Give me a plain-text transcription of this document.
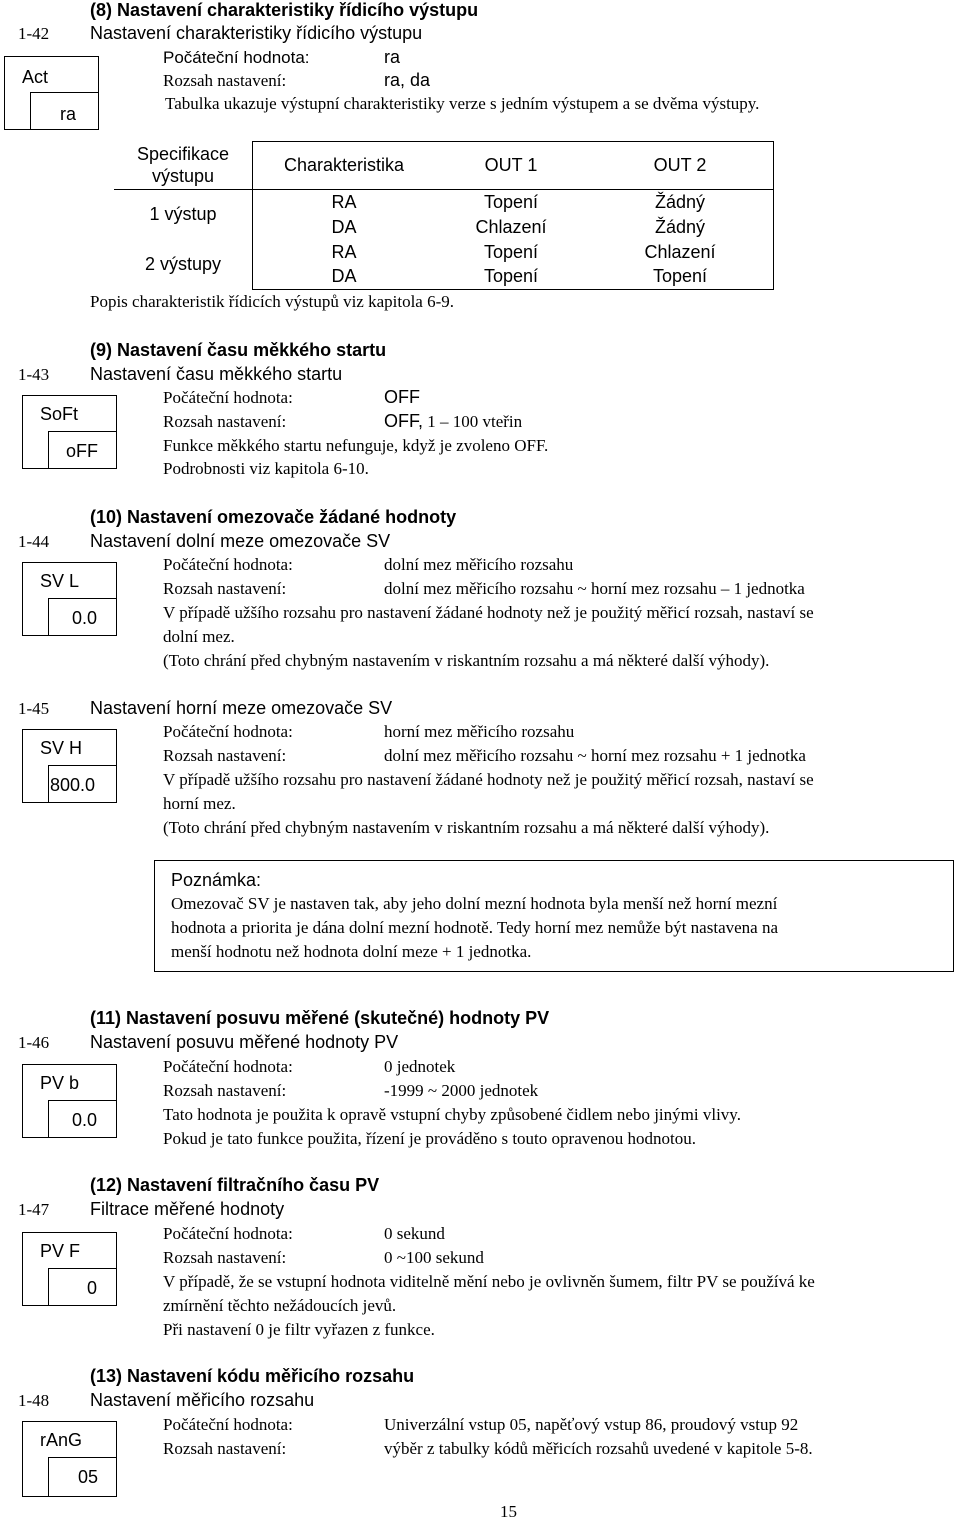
(8) Nastavení charakteristiky řídicího výstupu
1-42 Nastavení charakteristiky řídicího výstupu
Act
ra
Počáteční hodnota:	ra
Rozsah nastavení:	ra, da
Tabulka ukazuje výstupní charakteristiky verze s jedním výstupem a se dvěma výstupy.
Specifikace
výstupu	Charakteristika	OUT 1	OUT 2
1 výstup	RA	Topení	Žádný
	DA	Chlazení	Žádný
2 výstupy	RA	Topení	Chlazení
	DA	Topení	Topení
Popis charakteristik řídicích výstupů viz kapitola 6-9.
(9) Nastavení času měkkého startu
1-43 Nastavení času měkkého startu
SoFt
oFF
Počáteční hodnota:	OFF
Rozsah nastavení:	OFF, 1 – 100 vteřin
Funkce měkkého startu nefunguje, když je zvoleno OFF.
Podrobnosti viz kapitola 6-10.
(10) Nastavení omezovače žádané hodnoty
1-44 Nastavení dolní meze omezovače SV
SV L
0.0
Počáteční hodnota:	dolní mez měřicího rozsahu
Rozsah nastavení:	dolní mez měřicího rozsahu ~ horní mez rozsahu – 1 jednotka
V případě užšího rozsahu pro nastavení žádané hodnoty než je použitý měřicí rozsah, nastaví se
dolní mez.
(Toto chrání před chybným nastavením v riskantním rozsahu a má některé další výhody).
1-45 Nastavení horní meze omezovače SV
SV H
800.0
Počáteční hodnota:	horní mez měřicího rozsahu
Rozsah nastavení:	dolní mez měřicího rozsahu ~ horní mez rozsahu + 1 jednotka
V případě užšího rozsahu pro nastavení žádané hodnoty než je použitý měřicí rozsah, nastaví se
horní mez.
(Toto chrání před chybným nastavením v riskantním rozsahu a má některé další výhody).
Poznámka:
Omezovač SV je nastaven tak, aby jeho dolní mezní hodnota byla menší než horní mezní
hodnota a priorita je dána dolní mezní hodnotě. Tedy horní mez nemůže být nastavena na
menší hodnotu než hodnota dolní meze + 1 jednotka.
(11) Nastavení posuvu měřené (skutečné) hodnoty PV
1-46 Nastavení posuvu měřené hodnoty PV
PV b
0.0
Počáteční hodnota:	0 jednotek
Rozsah nastavení:	-1999 ~ 2000 jednotek
Tato hodnota je použita k opravě vstupní chyby způsobené čidlem nebo jinými vlivy.
Pokud je tato funkce použita, řízení je prováděno s touto opravenou hodnotou.
(12) Nastavení filtračního času PV
1-47 Filtrace měřené hodnoty
PV F
0
Počáteční hodnota:	0 sekund
Rozsah nastavení:	0 ~100 sekund
V případě, že se vstupní hodnota viditelně mění nebo je ovlivněn šumem, filtr PV se používá ke
zmírnění těchto nežádoucích jevů.
Při nastavení 0 je filtr vyřazen z funkce.
(13) Nastavení kódu měřicího rozsahu
1-48 Nastavení měřicího rozsahu
rAnG
05
Počáteční hodnota:	Univerzální vstup 05, napěťový vstup 86, proudový vstup 92
Rozsah nastavení:	výběr z tabulky kódů měřicích rozsahů uvedené v kapitole 5-8.
15
